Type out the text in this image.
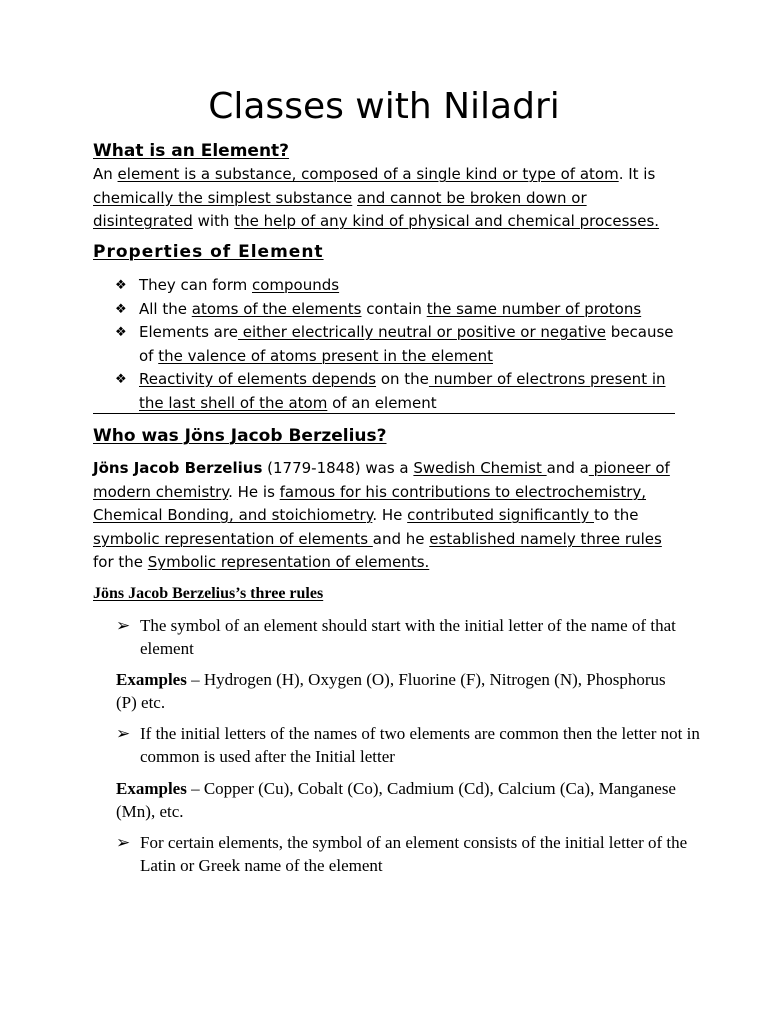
Classes with Niladri
What is an Element?

An element is a substance, composed of a single kind or type of atom. It is chemically the simplest substance and cannot be broken down or disintegrated with the help of any kind of physical and chemical processes.

Properties of Element
❖ They can form compounds
❖ All the atoms of the elements contain the same number of protons
❖ Elements are either electrically neutral or positive or negative because of the valence of atoms present in the element
❖ Reactivity of elements depends on the number of electrons present in the last shell of the atom of an element
Who was Jöns Jacob Berzelius?

Jöns Jacob Berzelius (1779-1848) was a Swedish Chemist and a pioneer of modern chemistry. He is famous for his contributions to electrochemistry, Chemical Bonding, and stoichiometry. He contributed significantly to the symbolic representation of elements and he established namely three rules for the Symbolic representation of elements.

Jöns Jacob Berzelius’s three rules

➢ The symbol of an element should start with the initial letter of the name of that element

Examples – Hydrogen (H), Oxygen (O), Fluorine (F), Nitrogen (N), Phosphorus (P) etc.

➢ If the initial letters of the names of two elements are common then the letter not in common is used after the Initial letter

Examples – Copper (Cu), Cobalt (Co), Cadmium (Cd), Calcium (Ca), Manganese (Mn), etc.

➢ For certain elements, the symbol of an element consists of the initial letter of the Latin or Greek name of the element
